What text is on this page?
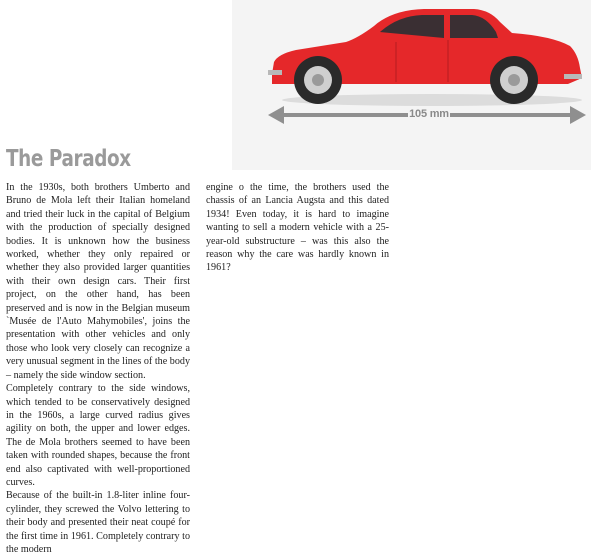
105 mm
The Paradox

In the 1930s, both brothers Umberto and Bruno de Mola left their Italian homeland and tried their luck in the capital of Belgium with the production of specially designed bodies. It is unknown how the business worked, whether they only repaired or whether they also provided larger quantities with their own design cars. Their first project, on the other hand, has been preserved and is now in the Belgian museum `Musée de l'Auto Mahymobiles', joins the presentation with other vehicles and only those who look very closely can recognize a very unusual segment in the lines of the body – namely the side window section.

Completely contrary to the side windows, which tended to be conservatively designed in the 1960s, a large curved radius gives agility on both, the upper and lower edges. The de Mola brothers seemed to have been taken with rounded shapes, because the front end also captivated with well-proportioned curves.

Because of the built-in 1.8-liter inline four-cylinder, they screwed the Volvo lettering to their body and presented their neat coupé for the first time in 1961. Completely contrary to the modern

engine o the time, the brothers used the chassis of an Lancia Augsta and this dated 1934! Even today, it is hard to imagine wanting to sell a modern vehicle with a 25-year-old substructure – was this also the reason why the care was hardly known in 1961?
